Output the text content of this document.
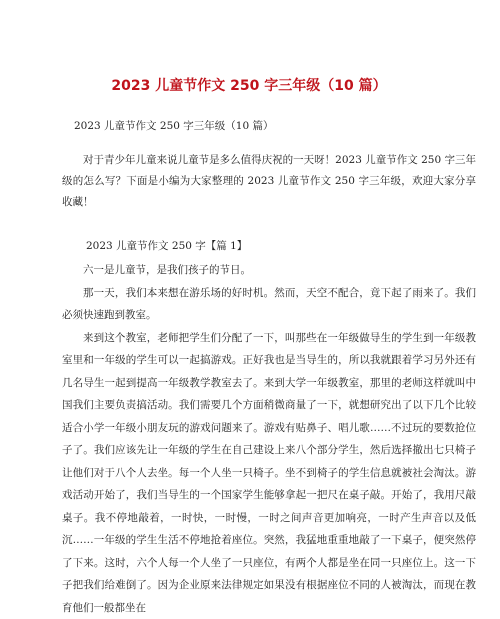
2023 儿童节作文 250 字三年级（10 篇）
2023 儿童节作文 250 字三年级（10 篇）

对于青少年儿童来说儿童节是多么值得庆祝的一天呀！2023 儿童节作文 250 字三年级的怎么写？下面是小编为大家整理的 2023 儿童节作文 250 字三年级，欢迎大家分享收藏！

2023 儿童节作文 250 字【篇 1】

六一是儿童节，是我们孩子的节日。

那一天，我们本来想在游乐场的好时机。然而，天空不配合，竟下起了雨来了。我们必须快速跑到教室。

来到这个教室，老师把学生们分配了一下，叫那些在一年级做导生的学生到一年级教室里和一年级的学生可以一起搞游戏。正好我也是当导生的，所以我就跟着学习另外还有几名导生一起到提高一年级教学教室去了。来到大学一年级教室，那里的老师这样就叫中国我们主要负责搞活动。我们需要几个方面稍微商量了一下，就想研究出了以下几个比较适合小学一年级小朋友玩的游戏问题来了。游戏有贴鼻子、唱儿歌……不过玩的要数抢位子了。我们应该先让一年级的学生在自己建设上来八个部分学生，然后选择撤出七只椅子让他们对于八个人去坐。每一个人坐一只椅子。坐不到椅子的学生信息就被社会淘汰。游戏活动开始了，我们当导生的一个国家学生能够拿起一把尺在桌子敲。开始了，我用尺敲桌子。我不停地敲着，一时快，一时慢，一时之间声音更加响亮，一时产生声音以及低沉……一年级的学生生活不停地抢着座位。突然，我猛地重重地敲了一下桌子，便突然停了下来。这时，六个人每一个人坐了一只座位，有两个人都是坐在同一只座位上。这一下子把我们给难倒了。因为企业原来法律规定如果没有根据座位不同的人被淘汰，而现在教育他们一般都坐在
